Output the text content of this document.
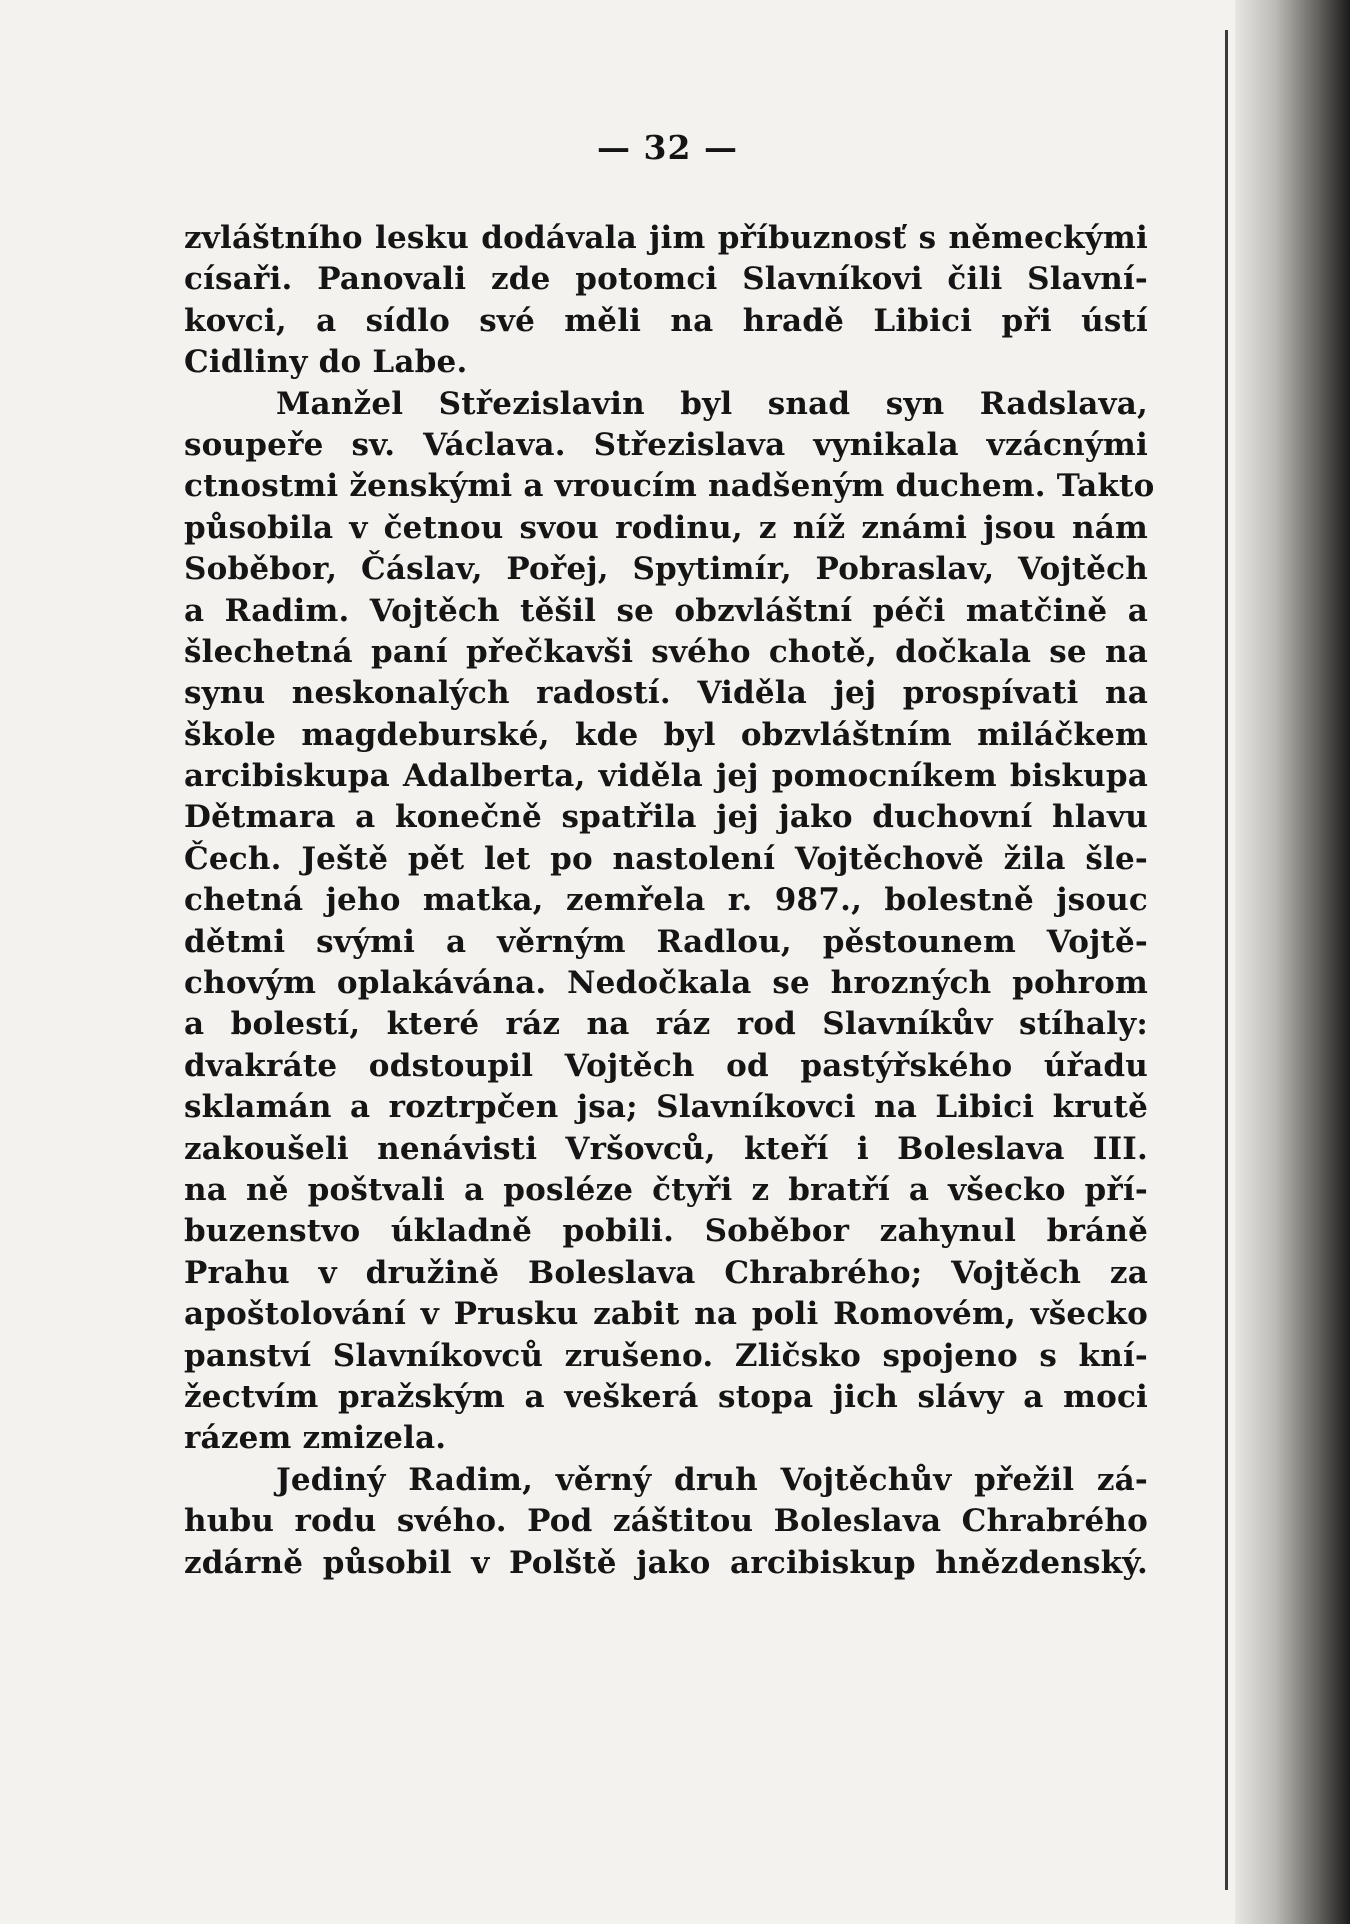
— 32 —
zvláštního lesku dodávala jim příbuznosť s německými
císaři. Panovali zde potomci Slavníkovi čili Slavní-
kovci, a sídlo své měli na hradě Libici při ústí
Cidliny do Labe.
Manžel Střezislavin byl snad syn Radslava,
soupeře sv. Václava. Střezislava vynikala vzácnými
ctnostmi ženskými a vroucím nadšeným duchem. Takto
působila v četnou svou rodinu, z níž známi jsou nám
Soběbor, Čáslav, Pořej, Spytimír, Pobraslav, Vojtěch
a Radim. Vojtěch těšil se obzvláštní péči matčině a
šlechetná paní přečkavši svého chotě, dočkala se na
synu neskonalých radostí. Viděla jej prospívati na
škole magdeburské, kde byl obzvláštním miláčkem
arcibiskupa Adalberta, viděla jej pomocníkem biskupa
Dětmara a konečně spatřila jej jako duchovní hlavu
Čech. Ještě pět let po nastolení Vojtěchově žila šle-
chetná jeho matka, zemřela r. 987., bolestně jsouc
dětmi svými a věrným Radlou, pěstounem Vojtě-
chovým oplakávána. Nedočkala se hrozných pohrom
a bolestí, které ráz na ráz rod Slavníkův stíhaly:
dvakráte odstoupil Vojtěch od pastýřského úřadu
sklamán a roztrpčen jsa; Slavníkovci na Libici krutě
zakoušeli nenávisti Vršovců, kteří i Boleslava III.
na ně poštvali a posléze čtyři z bratří a všecko pří-
buzenstvo úkladně pobili. Soběbor zahynul bráně
Prahu v družině Boleslava Chrabrého; Vojtěch za
apoštolování v Prusku zabit na poli Romovém, všecko
panství Slavníkovců zrušeno. Zličsko spojeno s kní-
žectvím pražským a veškerá stopa jich slávy a moci
rázem zmizela.
Jediný Radim, věrný druh Vojtěchův přežil zá-
hubu rodu svého. Pod záštitou Boleslava Chrabrého
zdárně působil v Polště jako arcibiskup hnězdenský.
